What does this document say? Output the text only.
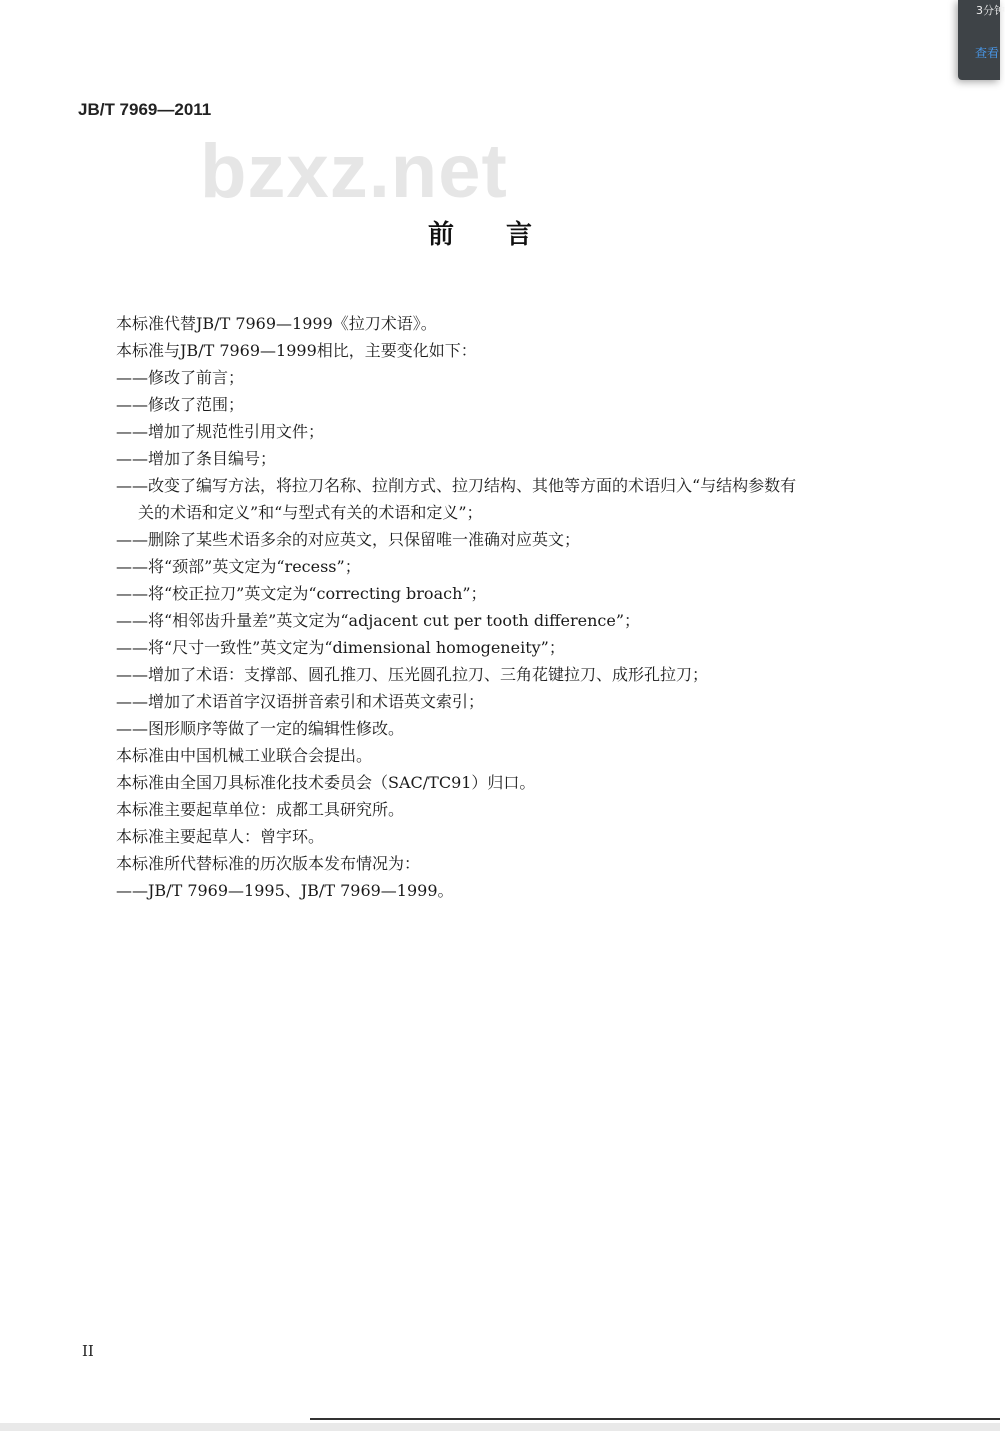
JB/T 7969—2011
bzxz.net
前言
本标准代替JB/T 7969—1999《拉刀术语》。
本标准与JB/T 7969—1999相比，主要变化如下：
——修改了前言；
——修改了范围；
——增加了规范性引用文件；
——增加了条目编号；
——改变了编写方法，将拉刀名称、拉削方式、拉刀结构、其他等方面的术语归入“与结构参数有
关的术语和定义”和“与型式有关的术语和定义”；
——删除了某些术语多余的对应英文，只保留唯一准确对应英文；
——将“颈部”英文定为“recess”；
——将“校正拉刀”英文定为“correcting broach”；
——将“相邻齿升量差”英文定为“adjacent cut per tooth difference”；
——将“尺寸一致性”英文定为“dimensional homogeneity”；
——增加了术语：支撑部、圆孔推刀、压光圆孔拉刀、三角花键拉刀、成形孔拉刀；
——增加了术语首字汉语拼音索引和术语英文索引；
——图形顺序等做了一定的编辑性修改。
本标准由中国机械工业联合会提出。
本标准由全国刀具标准化技术委员会（SAC/TC91）归口。
本标准主要起草单位：成都工具研究所。
本标准主要起草人：曾宇环。
本标准所代替标准的历次版本发布情况为：
——JB/T 7969—1995、JB/T 7969—1999。
II
3分钟
查看
